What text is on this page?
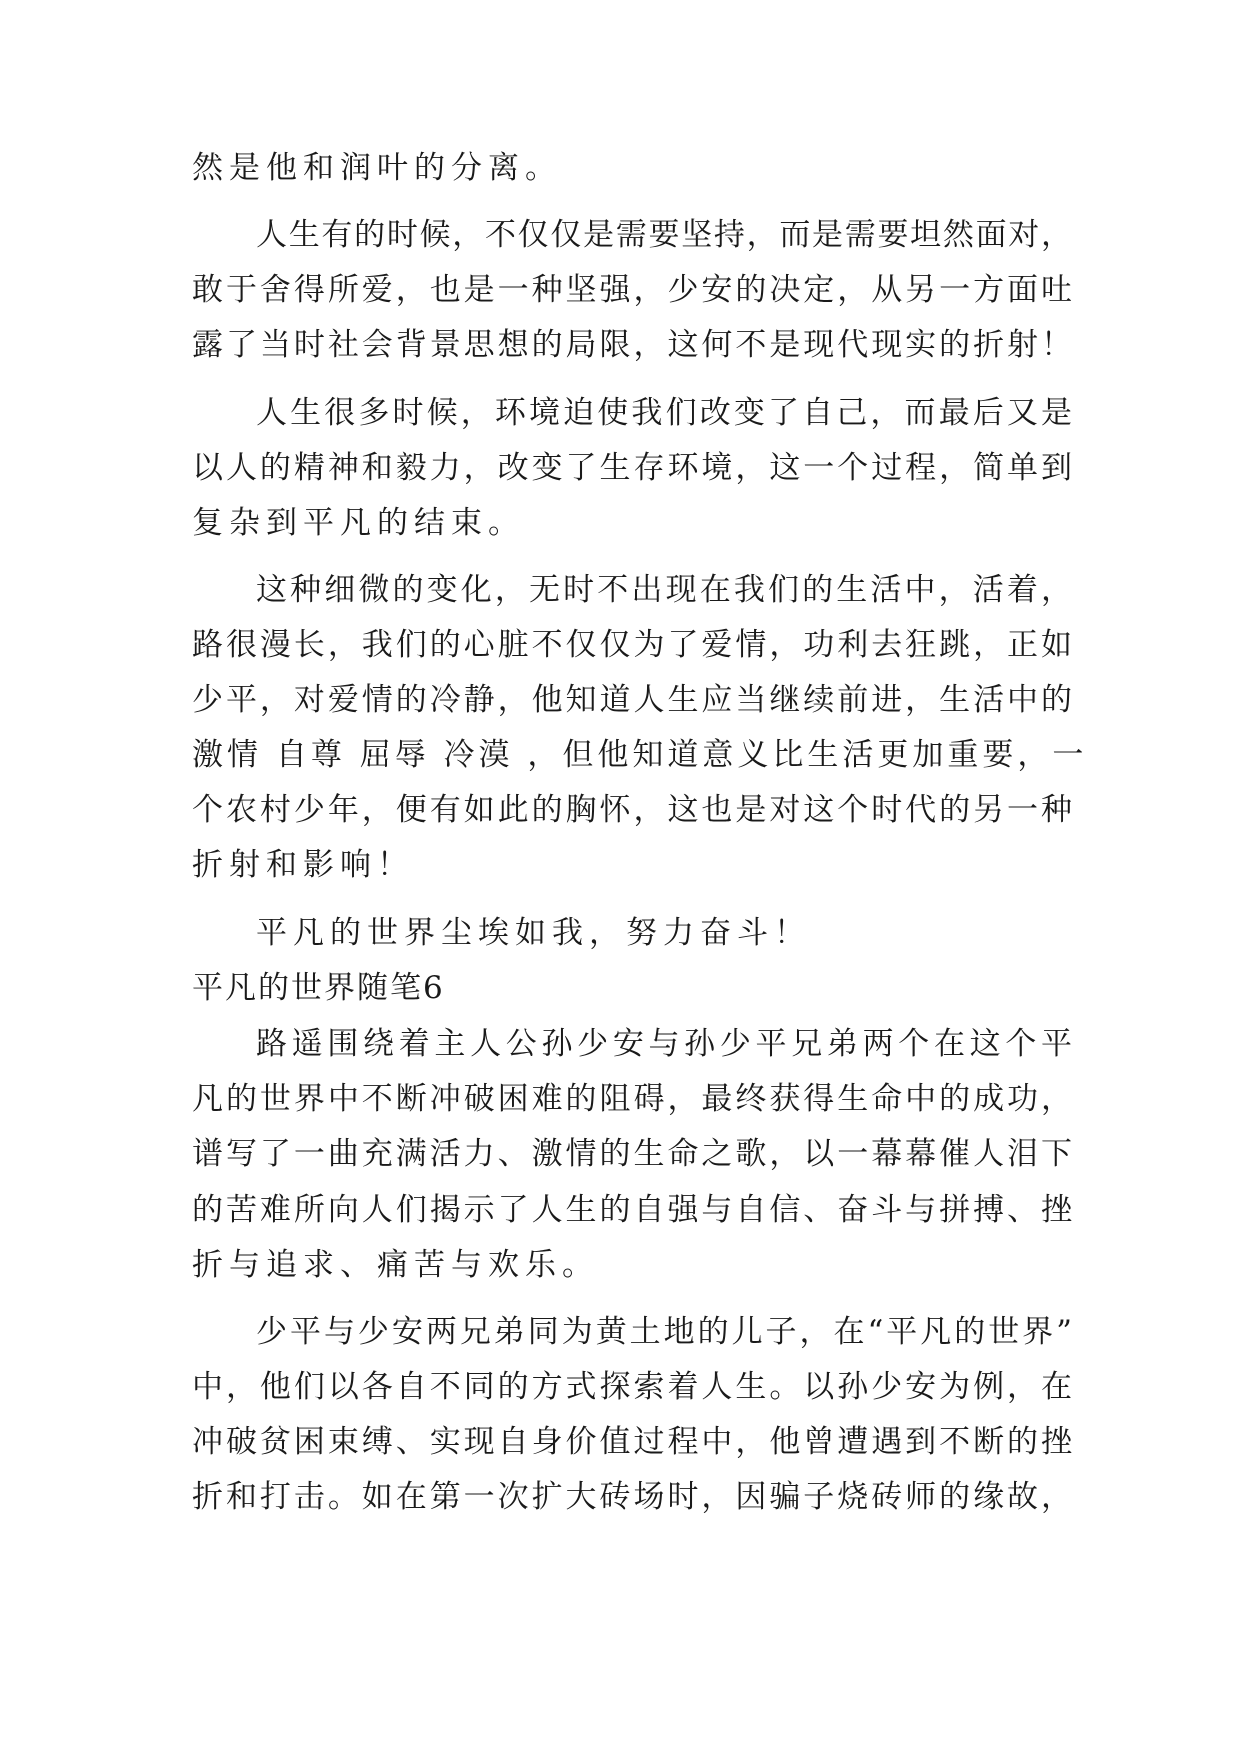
然是他和润叶的分离。
人生有的时候，不仅仅是需要坚持，而是需要坦然面对，
敢于舍得所爱，也是一种坚强，少安的决定，从另一方面吐
露了当时社会背景思想的局限，这何不是现代现实的折射！
人生很多时候，环境迫使我们改变了自己，而最后又是
以人的精神和毅力，改变了生存环境，这一个过程，简单到
复杂到平凡的结束。
这种细微的变化，无时不出现在我们的生活中，活着，
路很漫长，我们的心脏不仅仅为了爱情，功利去狂跳，正如
少平，对爱情的冷静，他知道人生应当继续前进，生活中的
激情 自尊 屈辱 冷漠 ，但他知道意义比生活更加重要，一
个农村少年，便有如此的胸怀，这也是对这个时代的另一种
折射和影响！
平凡的世界尘埃如我，努力奋斗！
平凡的世界随笔6
路遥围绕着主人公孙少安与孙少平兄弟两个在这个平
凡的世界中不断冲破困难的阻碍，最终获得生命中的成功，
谱写了一曲充满活力、激情的生命之歌，以一幕幕催人泪下
的苦难所向人们揭示了人生的自强与自信、奋斗与拼搏、挫
折与追求、痛苦与欢乐。
少平与少安两兄弟同为黄土地的儿子，在“平凡的世界”
中，他们以各自不同的方式探索着人生。以孙少安为例，在
冲破贫困束缚、实现自身价值过程中，他曾遭遇到不断的挫
折和打击。如在第一次扩大砖场时，因骗子烧砖师的缘故，
